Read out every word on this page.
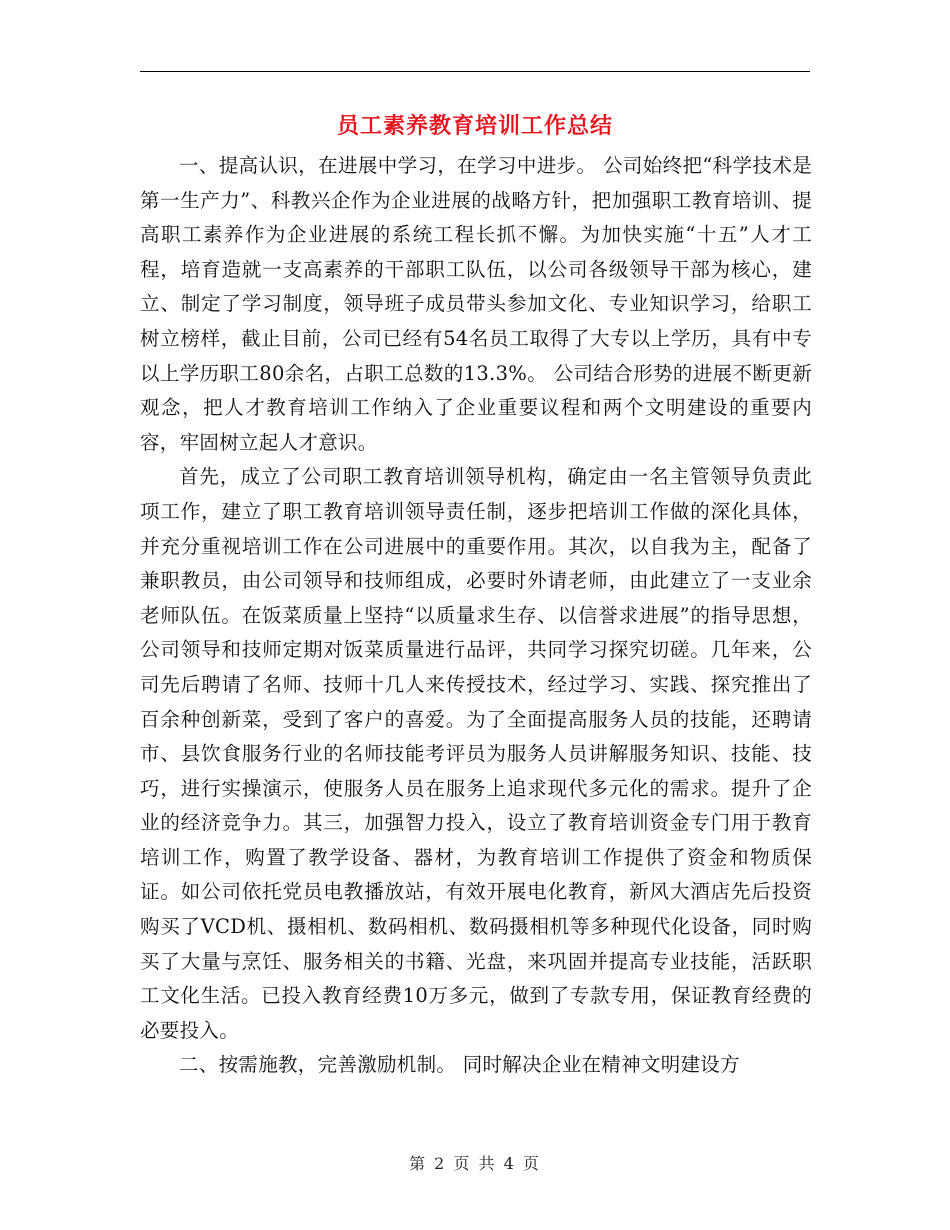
员工素养教育培训工作总结

一、提高认识，在进展中学习，在学习中进步。 公司始终把“科学技术是第一生产力”、科教兴企作为企业进展的战略方针，把加强职工教育培训、提高职工素养作为企业进展的系统工程长抓不懈。为加快实施“十五”人才工程，培育造就一支高素养的干部职工队伍，以公司各级领导干部为核心，建立、制定了学习制度，领导班子成员带头参加文化、专业知识学习，给职工树立榜样，截止目前，公司已经有54名员工取得了大专以上学历，具有中专以上学历职工80余名，占职工总数的13.3%。 公司结合形势的进展不断更新观念，把人才教育培训工作纳入了企业重要议程和两个文明建设的重要内容，牢固树立起人才意识。

首先，成立了公司职工教育培训领导机构，确定由一名主管领导负责此项工作，建立了职工教育培训领导责任制，逐步把培训工作做的深化具体，并充分重视培训工作在公司进展中的重要作用。其次，以自我为主，配备了兼职教员，由公司领导和技师组成，必要时外请老师，由此建立了一支业余老师队伍。在饭菜质量上坚持“以质量求生存、以信誉求进展”的指导思想，公司领导和技师定期对饭菜质量进行品评，共同学习探究切磋。几年来，公司先后聘请了名师、技师十几人来传授技术，经过学习、实践、探究推出了百余种创新菜，受到了客户的喜爱。为了全面提高服务人员的技能，还聘请市、县饮食服务行业的名师技能考评员为服务人员讲解服务知识、技能、技巧，进行实操演示，使服务人员在服务上追求现代多元化的需求。提升了企业的经济竞争力。其三，加强智力投入，设立了教育培训资金专门用于教育培训工作，购置了教学设备、器材，为教育培训工作提供了资金和物质保证。如公司依托党员电教播放站，有效开展电化教育，新风大酒店先后投资购买了VCD机、摄相机、数码相机、数码摄相机等多种现代化设备，同时购买了大量与烹饪、服务相关的书籍、光盘，来巩固并提高专业技能，活跃职工文化生活。已投入教育经费10万多元，做到了专款专用，保证教育经费的必要投入。

二、按需施教，完善激励机制。 同时解决企业在精神文明建设方

第 2 页 共 4 页
